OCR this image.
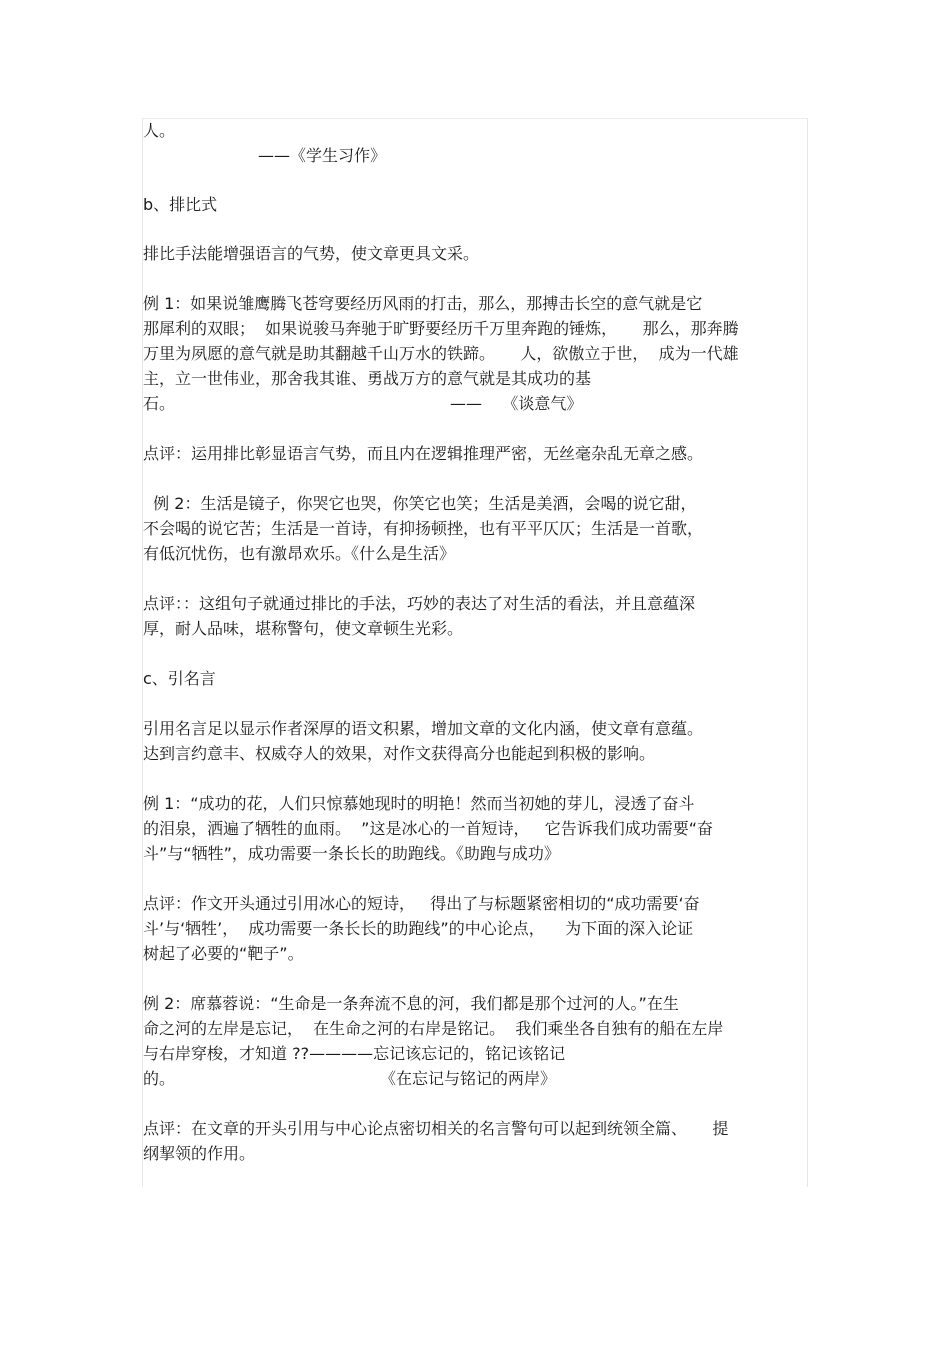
人。
——《学生习作》
b、排比式
排比手法能增强语言的气势，使文章更具文采。
例 1：如果说雏鹰腾飞苍穹要经历风雨的打击，那么，那搏击长空的意气就是它
那犀利的双眼；  如果说骏马奔驰于旷野要经历千万里奔跑的锤炼，     那么，那奔腾
万里为夙愿的意气就是助其翻越千山万水的铁蹄。     人，欲傲立于世，  成为一代雄
主，立一世伟业，那舍我其谁、勇战万方的意气就是其成功的基
石。	——    《谈意气》
点评：运用排比彰显语言气势，而且内在逻辑推理严密，无丝毫杂乱无章之感。
例 2：生活是镜子，你哭它也哭，你笑它也笑；生活是美酒，会喝的说它甜，
不会喝的说它苦；生活是一首诗，有抑扬顿挫，也有平平仄仄；生活是一首歌，
有低沉忧伤，也有激昂欢乐。《什么是生活》
点评：：这组句子就通过排比的手法，巧妙的表达了对生活的看法，并且意蕴深
厚，耐人品味，堪称警句，使文章顿生光彩。
c、引名言
引用名言足以显示作者深厚的语文积累，增加文章的文化内涵，使文章有意蕴。
达到言约意丰、权威夺人的效果，对作文获得高分也能起到积极的影响。
例 1：“成功的花，人们只惊慕她现时的明艳！然而当初她的芽儿，浸透了奋斗
的泪泉，洒遍了牺牲的血雨。  ”这是冰心的一首短诗，   它告诉我们成功需要“奋
斗”与“牺牲”，成功需要一条长长的助跑线。《助跑与成功》
点评：作文开头通过引用冰心的短诗，   得出了与标题紧密相切的“成功需要‘奋
斗’与‘牺牲’，  成功需要一条长长的助跑线”的中心论点，    为下面的深入论证
树起了必要的“靶子”。
例 2：席慕蓉说：“生命是一条奔流不息的河，我们都是那个过河的人。”在生
命之河的左岸是忘记，  在生命之河的右岸是铭记。  我们乘坐各自独有的船在左岸
与右岸穿梭，才知道 ??————忘记该忘记的，铭记该铭记
的。	《在忘记与铭记的两岸》
点评：在文章的开头引用与中心论点密切相关的名言警句可以起到统领全篇、     提
纲挈领的作用。
